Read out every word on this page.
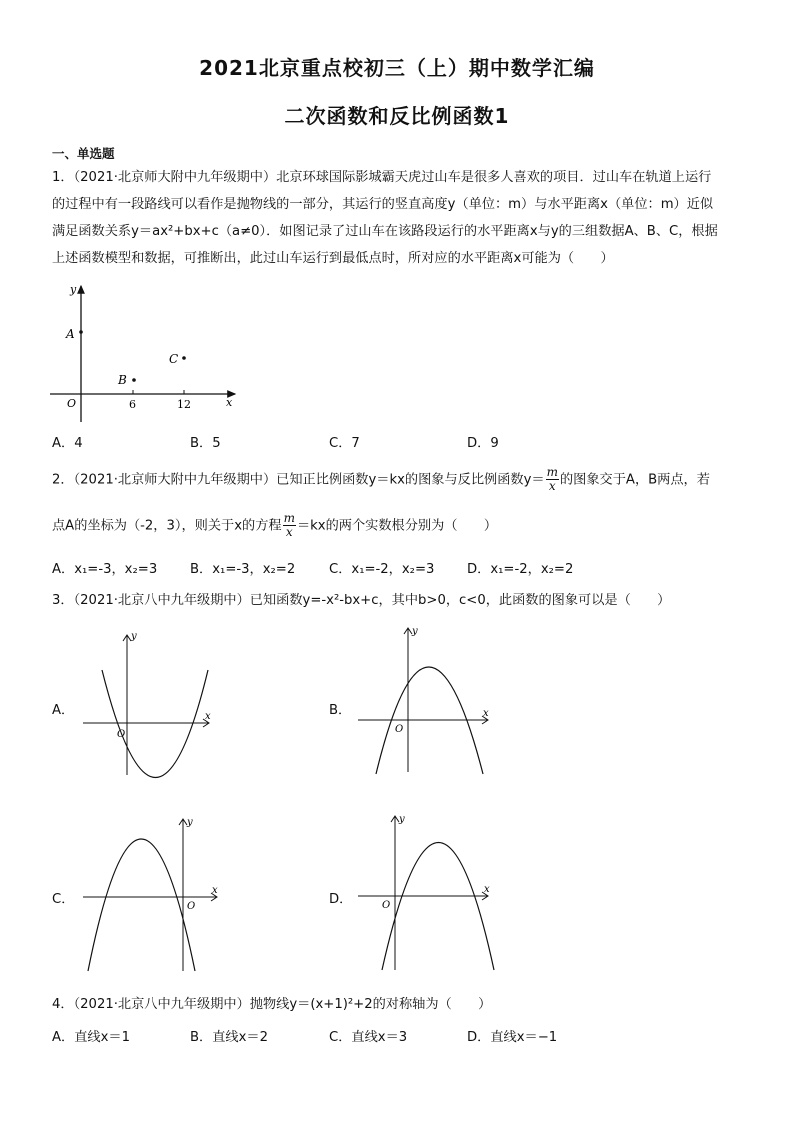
2021北京重点校初三（上）期中数学汇编
二次函数和反比例函数1
一、单选题
1．（2021·北京师大附中九年级期中）北京环球国际影城霸天虎过山车是很多人喜欢的项目．过山车在轨道上运行
的过程中有一段路线可以看作是抛物线的一部分，其运行的竖直高度y（单位：m）与水平距离x（单位：m）近似
满足函数关系y＝ax²+bx+c（a≠0）．如图记录了过山车在该路段运行的水平距离x与y的三组数据A、B、C，根据
上述函数模型和数据，可推断出，此过山车运行到最低点时，所对应的水平距离x可能为（　　）
y
x
O
A
B
C
6	12
A．4	B．5	C．7	D．9
2．（2021·北京师大附中九年级期中）已知正比例函数y＝kx的图象与反比例函数$y= \frac{m}{x}$ 的图象交于A，B两点，若
点A的坐标为（-2，3），则关于x的方程 $\frac{m}{x} =kx$的两个实数根分别为（　　）
A．x₁=-3，x₂=3 B．x₁=-3，x₂=2	C．x₁=-2，x₂=3 D．x₁=-2，x₂=2
3．（2021·北京八中九年级期中）已知函数y=-x²-bx+c，其中b>0，c<0，此函数的图象可以是（　　）
A．
y
x
O
B．
y
x
O
C．
y
x
O	D．
y
x
O
4．（2021·北京八中九年级期中）抛物线y＝(x+1)²+2的对称轴为（　　）
A．直线x＝1	B．直线x＝2	C．直线x＝3	D．直线x＝−1
